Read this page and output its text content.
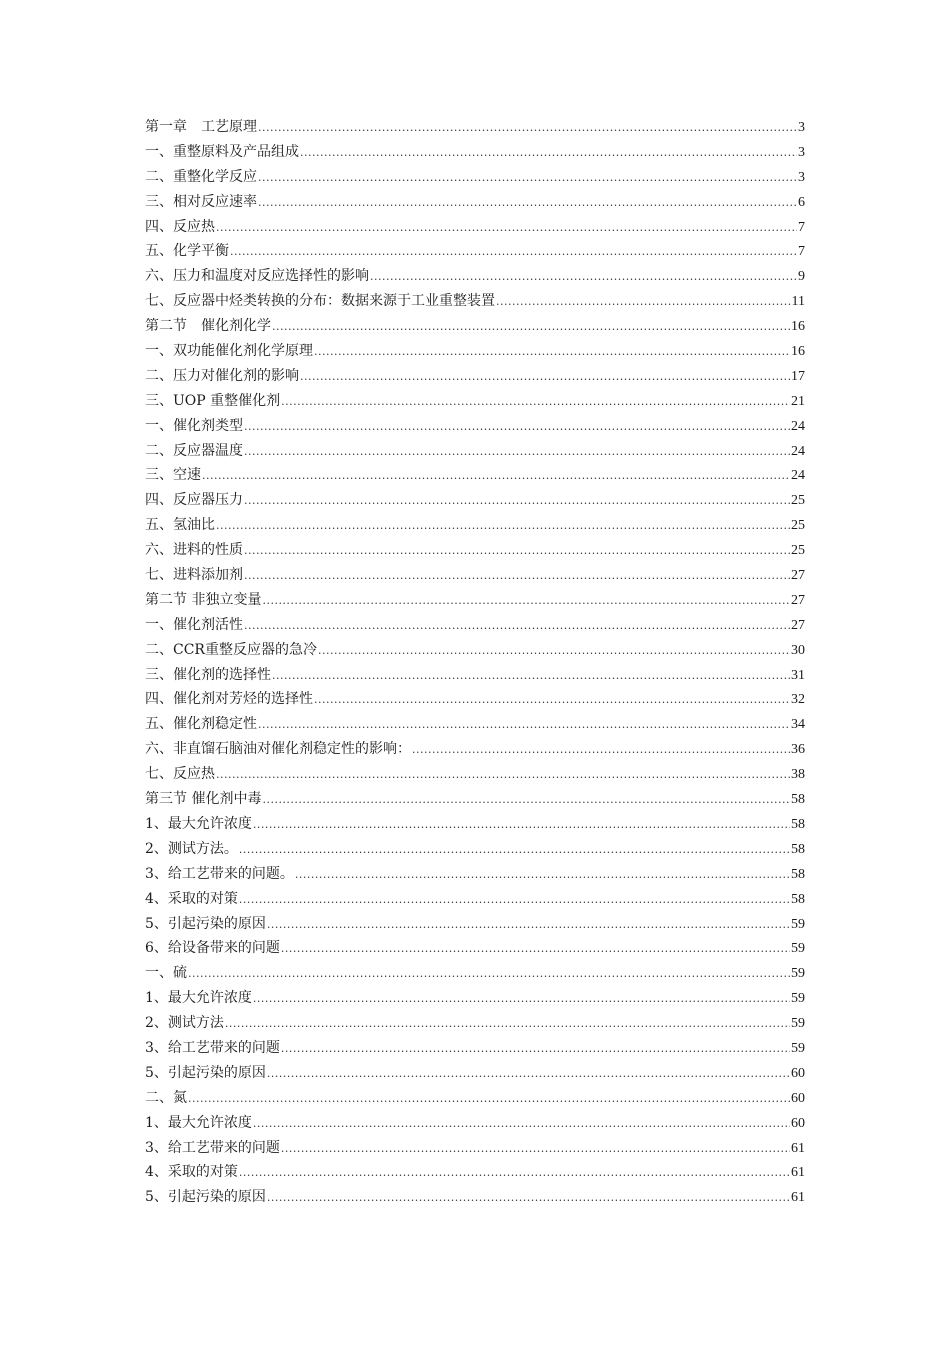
第一章　工艺原理 .....	3
一、重整原料及产品组成 .....	3
二、重整化学反应 .....	3
三、相对反应速率 .....	6
四、反应热 .....	7
五、化学平衡 .....	7
六、压力和温度对反应选择性的影响 .....	9
七、反应器中烃类转换的分布：数据来源于工业重整装置 .....	11
第二节　催化剂化学 .....	16
一、双功能催化剂化学原理 .....	16
二、压力对催化剂的影响 .....	17
三、UOP 重整催化剂 .....	21
一、催化剂类型 .....	24
二、反应器温度 .....	24
三、空速 .....	24
四、反应器压力 .....	25
五、氢油比 .....	25
六、进料的性质 .....	25
七、进料添加剂 .....	27
第二节 非独立变量 .....	27
一、催化剂活性 .....	27
二、CCR重整反应器的急冷 .....	30
三、催化剂的选择性 .....	31
四、催化剂对芳烃的选择性 .....	32
五、催化剂稳定性 .....	34
六、非直馏石脑油对催化剂稳定性的影响： .....	36
七、反应热 .....	38
第三节 催化剂中毒 .....	58
1、最大允许浓度 .....	58
2、测试方法。 .....	58
3、给工艺带来的问题。 .....	58
4、采取的对策 .....	58
5、引起污染的原因 .....	59
6、给设备带来的问题 .....	59
一、硫 .....	59
1、最大允许浓度 .....	59
2、测试方法 .....	59
3、给工艺带来的问题 .....	59
5、引起污染的原因 .....	60
二、氮 .....	60
1、最大允许浓度 .....	60
3、给工艺带来的问题 .....	61
4、采取的对策 .....	61
5、引起污染的原因 .....	61
